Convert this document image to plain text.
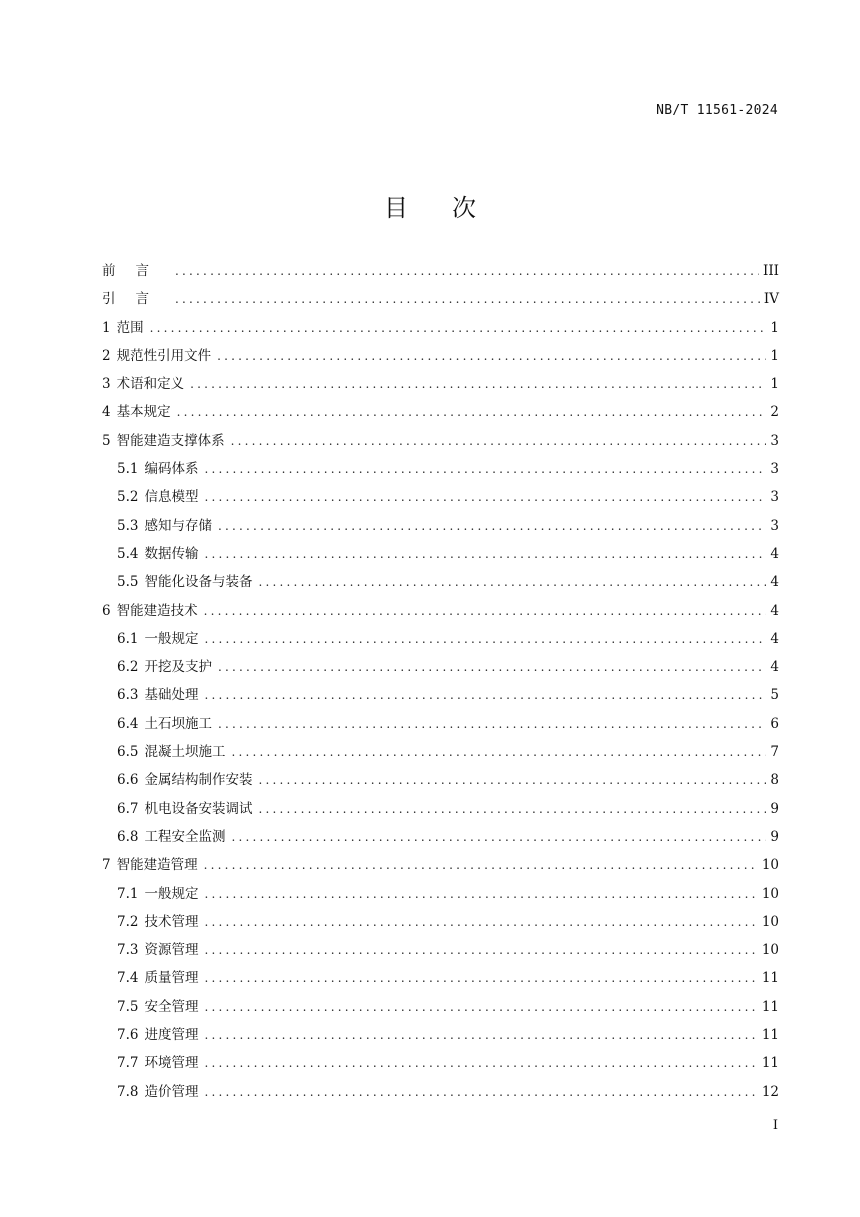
NB/T 11561-2024
目 次
前言 .....	III
引言 .....	IV
1 范围 .....	1
2 规范性引用文件 .....	1
3 术语和定义 .....	1
4 基本规定 .....	2
5 智能建造支撑体系 .....	3
5.1 编码体系 .....	3
5.2 信息模型 .....	3
5.3 感知与存储 .....	3
5.4 数据传输 .....	4
5.5 智能化设备与装备 .....	4
6 智能建造技术 .....	4
6.1 一般规定 .....	4
6.2 开挖及支护 .....	4
6.3 基础处理 .....	5
6.4 土石坝施工 .....	6
6.5 混凝土坝施工 .....	7
6.6 金属结构制作安装 .....	8
6.7 机电设备安装调试 .....	9
6.8 工程安全监测 .....	9
7 智能建造管理 .....	10
7.1 一般规定 .....	10
7.2 技术管理 .....	10
7.3 资源管理 .....	10
7.4 质量管理 .....	11
7.5 安全管理 .....	11
7.6 进度管理 .....	11
7.7 环境管理 .....	11
7.8 造价管理 .....	12
I
